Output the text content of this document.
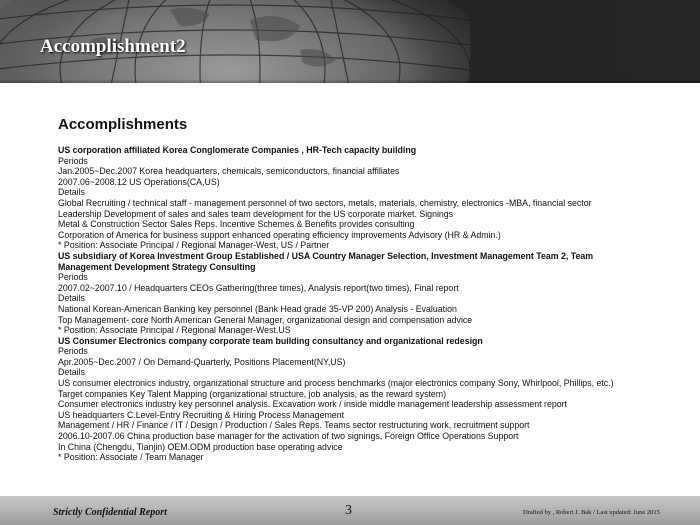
Accomplishment2
Accomplishments

US corporation affiliated Korea Conglomerate Companies , HR-Tech capacity building

Periods

Jan.2005~Dec.2007 Korea headquarters, chemicals, semiconductors, financial affiliates

2007.06~2008.12 US Operations(CA,US)

Details

Global Recruiting / technical staff - management personnel of two sectors, metals, materials, chemistry, electronics -MBA, financial sector

Leadership Development of sales and sales team development for the US corporate market. Signings

Metal & Construction Sector Sales Reps. Incentive Schemes & Benefits provides consulting

Corporation of America for business support enhanced operating efficiency improvements Advisory (HR & Admin.)

* Position: Associate Principal / Regional Manager-West, US / Partner

US subsidiary of Korea Investment Group Established / USA Country Manager Selection, Investment Management Team 2, Team Management Development Strategy Consulting

Periods

2007.02~2007.10 / Headquarters CEOs Gathering(three times), Analysis report(two times), Final report

Details

National Korean-American Banking key personnel (Bank Head grade 35-VP 200) Analysis - Evaluation

Top Management- core North American General Manager, organizational design and compensation advice

* Position: Associate Principal / Regional Manager-West.US

US Consumer Electronics company corporate team building consultancy and organizational redesign

Periods

Apr.2005~Dec.2007 / On Demand-Quarterly, Positions Placement(NY,US)

Details

US consumer electronics industry, organizational structure and process benchmarks (major electronics company Sony, Whirlpool, Phillips, etc.)

Target companies Key Talent Mapping (organizational structure, job analysis, as the reward system)

Consumer electronics industry key personnel analysis. Excavation work / inside middle management leadership assessment report

US headquarters C.Level-Entry Recruiting & Hiring Process Management

Management / HR / Finance / IT / Design / Production / Sales Reps. Teams sector restructuring work, recruitment support

2006.10-2007.06 China production base manager for the activation of two signings, Foreign Office Operations Support

In China (Chengdu, Tianjin) OEM.ODM production base operating advice

* Position: Associate / Team Manager

Strictly Confidential Report	3	Drafted by , Robert J. Bak / Last updated: June 2015
